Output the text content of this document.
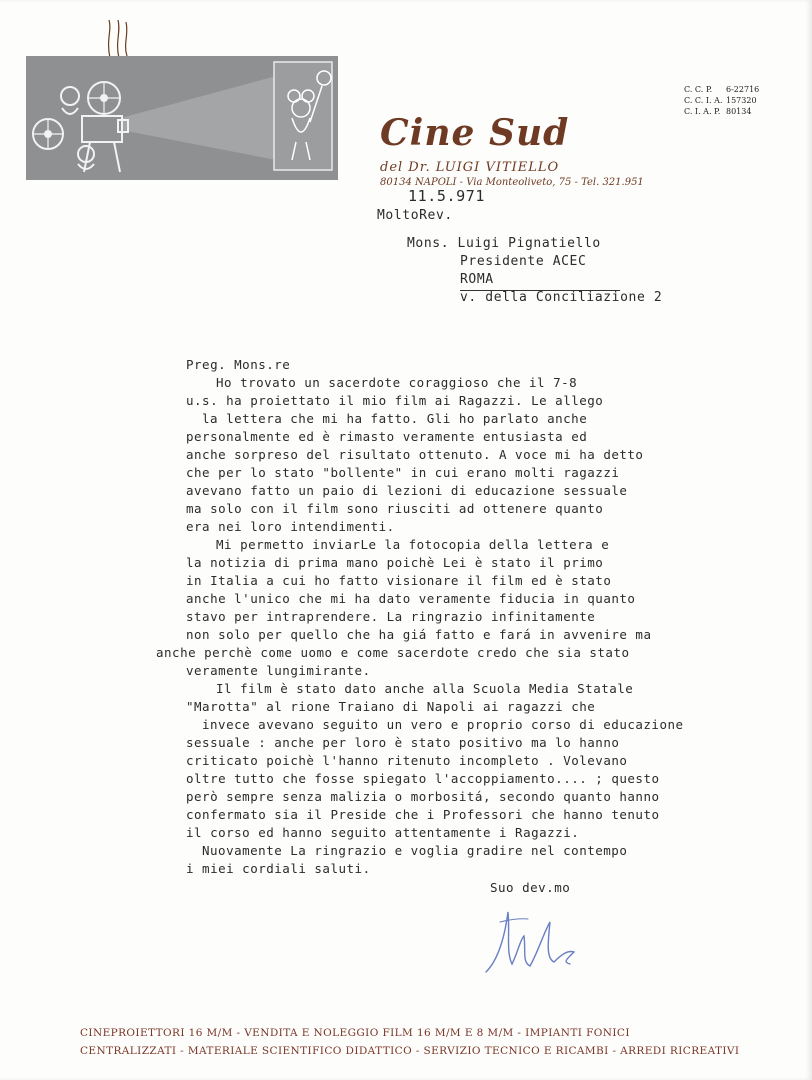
Cine Sud
del Dr. LUIGI VITIELLO
80134 NAPOLI - Via Monteoliveto, 75 - Tel. 321.951
C. C. P.	6-22716
C. C. I. A. 157320
C. I. A. P. 80134
11.5.971
MoltoRev.
Mons. Luigi Pignatiello
Presidente ACEC
ROMA
v. della Conciliazione 2
Preg. Mons.re
Ho trovato un sacerdote coraggioso che il 7-8
u.s. ha proiettato il mio film ai Ragazzi. Le allego
la lettera che mi ha fatto. Gli ho parlato anche
personalmente ed è rimasto veramente entusiasta ed
anche sorpreso del risultato ottenuto. A voce mi ha detto
che per lo stato "bollente" in cui erano molti ragazzi
avevano fatto un paio di lezioni di educazione sessuale
ma solo con il film sono riusciti ad ottenere quanto
era nei loro intendimenti.
Mi permetto inviarLe la fotocopia della lettera e
la notizia di prima mano poichè Lei è stato il primo
in Italia a cui ho fatto visionare il film ed è stato
anche l'unico che mi ha dato veramente fiducia in quanto
stavo per intraprendere. La ringrazio infinitamente
non solo per quello che ha giá fatto e fará in avvenire ma
anche perchè come uomo e come sacerdote credo che sia stato
veramente lungimirante.
Il film è stato dato anche alla Scuola Media Statale
"Marotta" al rione Traiano di Napoli ai ragazzi che
invece avevano seguito un vero e proprio corso di educazione
sessuale : anche per loro è stato positivo ma lo hanno
criticato poichè l'hanno ritenuto incompleto . Volevano
oltre tutto che fosse spiegato l'accoppiamento.... ; questo
però sempre senza malizia o morbositá, secondo quanto hanno
confermato sia il Preside che i Professori che hanno tenuto
il corso ed hanno seguito attentamente i Ragazzi.
Nuovamente La ringrazio e voglia gradire nel contempo
i miei cordiali saluti.
Suo dev.mo
CINEPROIETTORI 16 M/M - VENDITA E NOLEGGIO FILM 16 M/M E 8 M/M - IMPIANTI FONICI
CENTRALIZZATI - MATERIALE SCIENTIFICO DIDATTICO - SERVIZIO TECNICO E RICAMBI - ARREDI RICREATIVI
